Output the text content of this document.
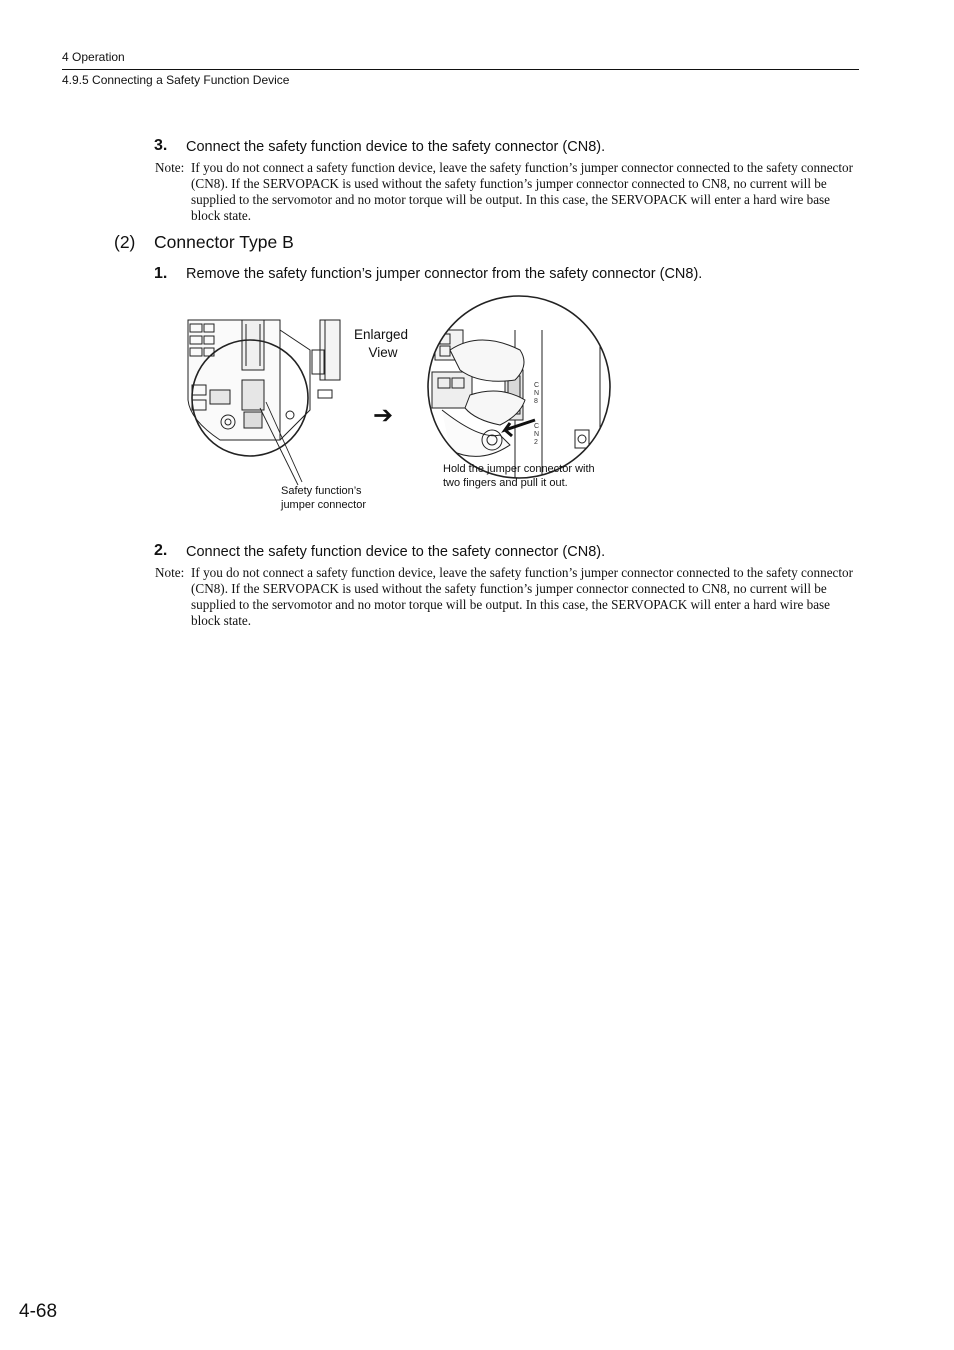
4 Operation
4.9.5 Connecting a Safety Function Device
3. Connect the safety function device to the safety connector (CN8).
Note: If you do not connect a safety function device, leave the safety function’s jumper connector connected to the safety connector (CN8). If the SERVOPACK is used without the safety function’s jumper connector connected to CN8, no current will be supplied to the servomotor and no motor torque will be output. In this case, the SERVOPACK will enter a hard wire base block state.
(2) Connector Type B
1. Remove the safety function’s jumper connector from the safety connector (CN8).
Enlarged
View
➔
C
N
8
C
N
2
Safety function’s
jumper connector
Hold the jumper connector with
two fingers and pull it out.
2. Connect the safety function device to the safety connector (CN8).
Note: If you do not connect a safety function device, leave the safety function’s jumper connector connected to the safety connector (CN8). If the SERVOPACK is used without the safety function’s jumper connector connected to CN8, no current will be supplied to the servomotor and no motor torque will be output. In this case, the SERVOPACK will enter a hard wire base block state.
4-68
